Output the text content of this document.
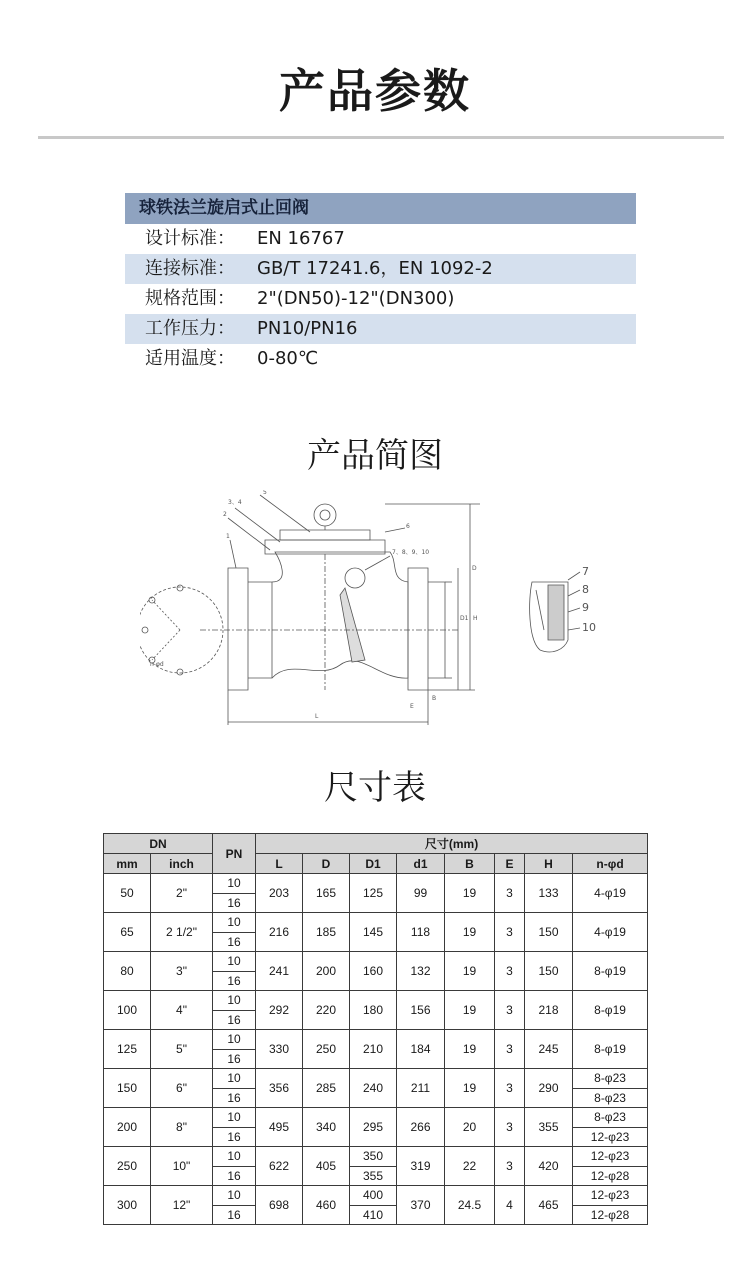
产品参数
球铁法兰旋启式止回阀
设计标准：	EN 16767
连接标准：	GB/T 17241.6，EN 1092-2
规格范围：	2"(DN50)-12"(DN300)
工作压力：	PN10/PN16
适用温度：	0-80℃
产品简图
3、4
5
2
6
1
7、8、9、10
7
8
9
10
L
D
D1 H
n-φd
E
B
尺寸表
DN		PN	尺寸(mm)							
mm	inch		L	D	D1	d1	B	E	H	n-φd
50	2"	10	203	165	125	99	19	3	133	4-φ19
		16								
65	2 1/2"	10	216	185	145	118	19	3	150	4-φ19
		16								
80	3"	10	241	200	160	132	19	3	150	8-φ19
		16								
100	4"	10	292	220	180	156	19	3	218	8-φ19
		16								
125	5"	10	330	250	210	184	19	3	245	8-φ19
		16								
150	6"	10	356	285	240	211	19	3	290	8-φ23
		16								8-φ23
200	8"	10	495	340	295	266	20	3	355	8-φ23
		16								12-φ23
250	10"	10	622	405	350	319	22	3	420	12-φ23
		16			355					12-φ28
300	12"	10	698	460	400	370	24.5	4	465	12-φ23
		16			410					12-φ28
